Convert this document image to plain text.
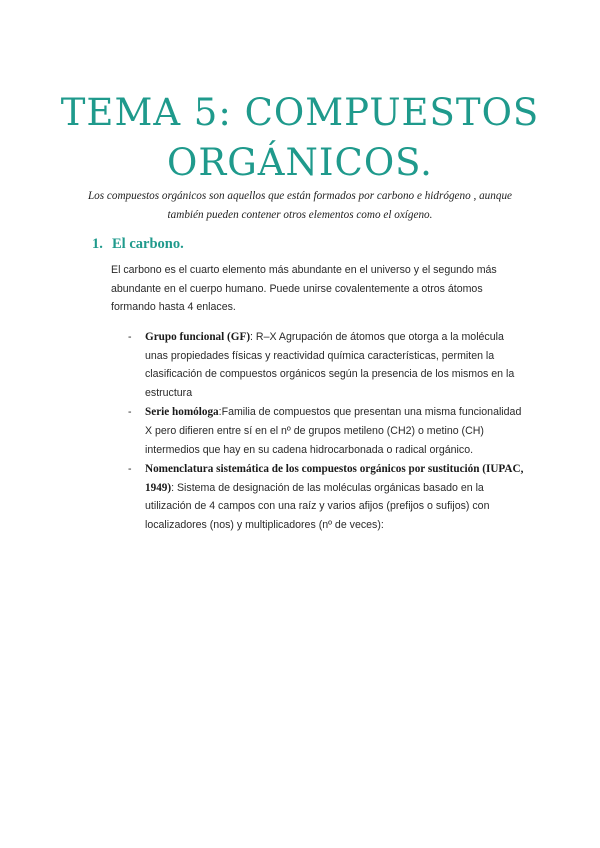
TEMA 5: COMPUESTOS ORGÁNICOS.

Los compuestos orgánicos son aquellos que están formados por carbono e hidrógeno , aunque también pueden contener otros elementos como el oxígeno.

1. El carbono.

El carbono es el cuarto elemento más abundante en el universo y el segundo más abundante en el cuerpo humano. Puede unirse covalentemente a otros átomos formando hasta 4 enlaces.

- Grupo funcional (GF): R–X Agrupación de átomos que otorga a la molécula unas propiedades físicas y reactividad química características, permiten la clasificación de compuestos orgánicos según la presencia de los mismos en la estructura
- Serie homóloga:Familia de compuestos que presentan una misma funcionalidad X pero difieren entre sí en el nº de grupos metileno (CH2) o metino (CH) intermedios que hay en su cadena hidrocarbonada o radical orgánico.
- Nomenclatura sistemática de los compuestos orgánicos por sustitución (IUPAC, 1949): Sistema de designación de las moléculas orgánicas basado en la utilización de 4 campos con una raíz y varios afijos (prefijos o sufijos) con localizadores (nos) y multiplicadores (nº de veces):
